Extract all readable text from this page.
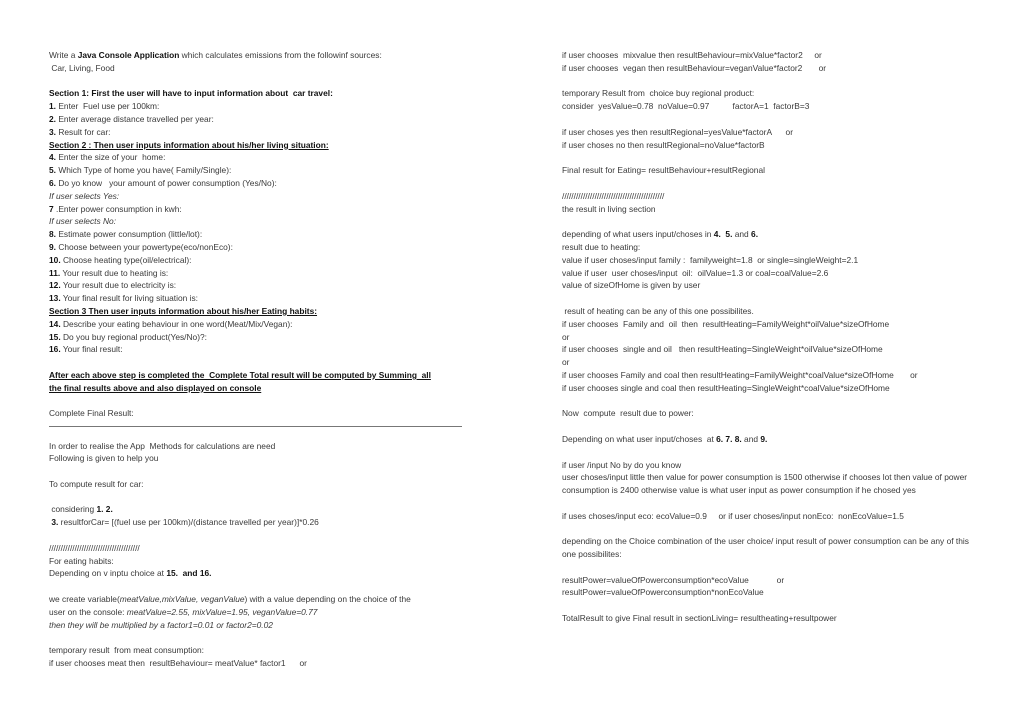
Write a Java Console Application which calculates emissions from the followinf sources:
Car, Living, Food
Section 1: First the user will have to input information about  car travel:
1. Enter  Fuel use per 100km:
2. Enter average distance travelled per year:
3. Result for car:
Section 2 : Then user inputs information about his/her living situation:
4. Enter the size of your  home:
5. Which Type of home you have( Family/Single):
6. Do yo know   your amount of power consumption (Yes/No):
If user selects Yes:
7 .Enter power consumption in kwh:
If user selects No:
8. Estimate power consumption (little/lot):
9. Choose between your powertype(eco/nonEco):
10. Choose heating type(oil/electrical):
11. Your result due to heating is:
12. Your result due to electricity is:
13. Your final result for living situation is:
Section 3 Then user inputs information about his/her Eating habits:
14. Describe your eating behaviour in one word(Meat/Mix/Vegan):
15. Do you buy regional product(Yes/No)?:
16. Your final result:
After each above step is completed the  Complete Total result will be computed by Summing  all
the final results above and also displayed on console
Complete Final Result:
In order to realise the App  Methods for calculations are need
Following is given to help you
To compute result for car:
considering 1. 2.
3. resultforCar= [(fuel use per 100km)/(distance travelled per year)]*0.26
///////////////////////////////////////
For eating habits:
Depending on v inptu choice at 15.  and 16.
we create variable(meatValue,mixValue, veganValue) with a value depending on the choice of the
user on the console: meatValue=2.55, mixValue=1.95, veganValue=0.77
then they will be multiplied by a factor1=0.01 or factor2=0.02
temporary result  from meat consumption:
if user chooses meat then  resultBehaviour= meatValue* factor1      or
if user chooses  mixvalue then resultBehaviour=mixValue*factor2     or
if user chooses  vegan then resultBehaviour=veganValue*factor2       or
temporary Result from  choice buy regional product:
consider  yesValue=0.78  noValue=0.97          factorA=1  factorB=3
if user choses yes then resultRegional=yesValue*factorA      or
if user choses no then resultRegional=noValue*factorB
Final result for Eating= resultBehaviour+resultRegional
////////////////////////////////////////////
the result in living section
depending of what users input/choses in 4.  5. and 6.
result due to heating:
value if user choses/input family :  familyweight=1.8  or single=singleWeight=2.1
value if user  user choses/input  oil:  oilValue=1.3 or coal=coalValue=2.6
value of sizeOfHome is given by user
result of heating can be any of this one possibilites.
if user chooses  Family and  oil  then  resultHeating=FamilyWeight*oilValue*sizeOfHome
or
if user chooses  single and oil   then resultHeating=SingleWeight*oilValue*sizeOfHome
or
if user chooses Family and coal then resultHeating=FamilyWeight*coalValue*sizeOfHome       or
if user chooses single and coal then resultHeating=SingleWeight*coalValue*sizeOfHome
Now  compute  result due to power:
Depending on what user input/choses  at 6. 7. 8. and 9.
if user /input No by do you know
user choses/input little then value for power consumption is 1500 otherwise if chooses lot then value of power consumption is 2400 otherwise value is what user input as power consumption if he chosed yes
if uses choses/input eco: ecoValue=0.9     or if user choses/input nonEco:  nonEcoValue=1.5
depending on the Choice combination of the user choice/ input result of power consumption can be any of this one possibilites:
resultPower=valueOfPowerconsumption*ecoValue            or
resultPower=valueOfPowerconsumption*nonEcoValue
TotalResult to give Final result in sectionLiving= resultheating+resultpower
